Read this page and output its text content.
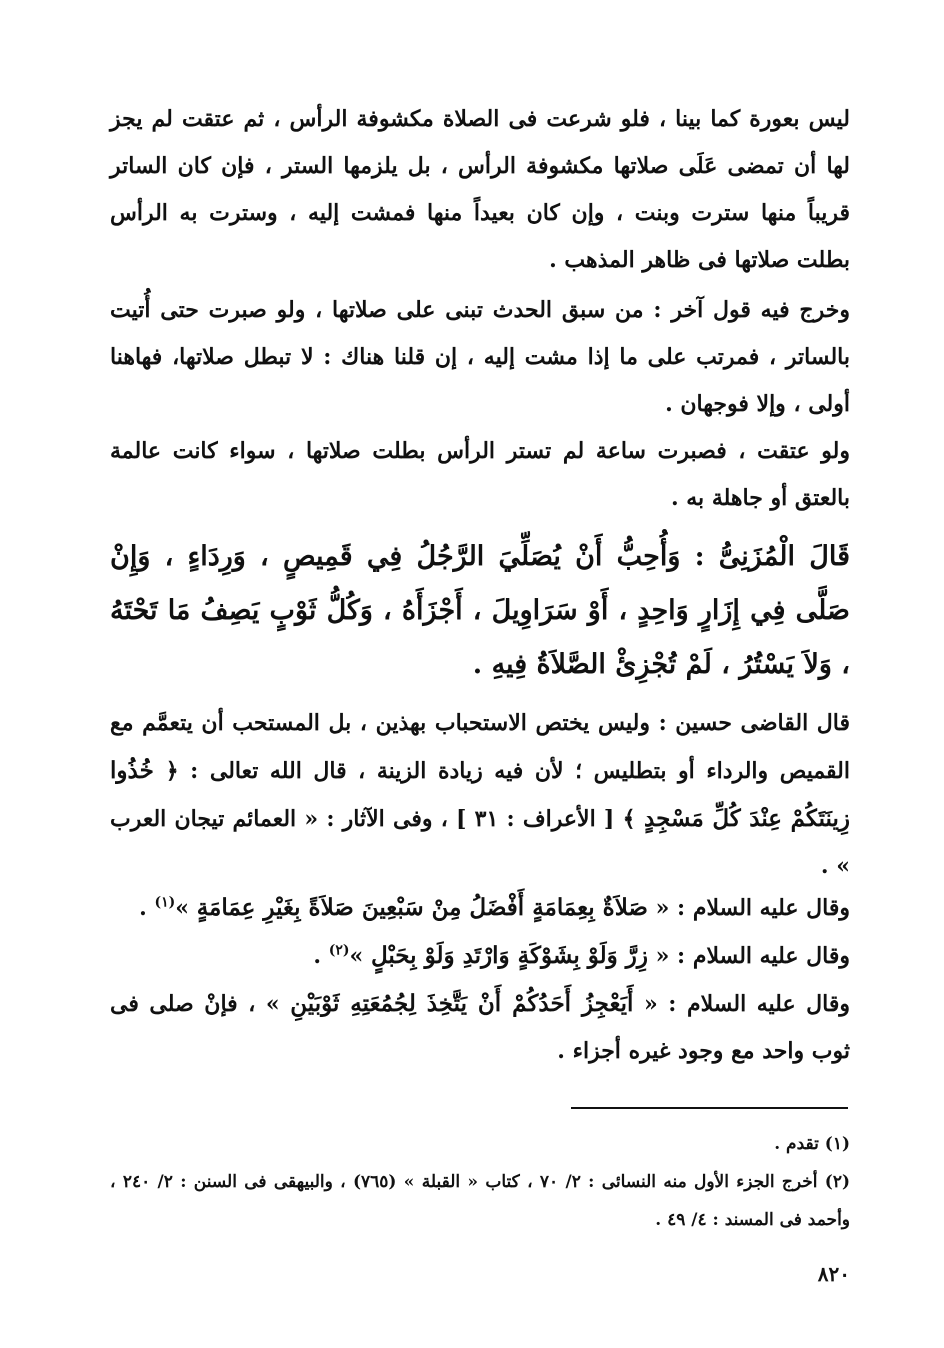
ليس بعورة كما بينا ، فلو شرعت فى الصلاة مكشوفة الرأس ، ثم عتقت لم يجز لها أن تمضى عَلَى صلاتها مكشوفة الرأس ، بل يلزمها الستر ، فإن كان الساتر قريباً منها سترت وبنت ، وإن كان بعيداً منها فمشت إليه ، وسترت به الرأس بطلت صلاتها فى ظاهر المذهب .

وخرج فيه قول آخر : من سبق الحدث تبنى على صلاتها ، ولو صبرت حتى أُتيت بالساتر ، فمرتب على ما إذا مشت إليه ، إن قلنا هناك : لا تبطل صلاتها، فهاهنا أولى ، وإلا فوجهان .

ولو عتقت ، فصبرت ساعة لم تستر الرأس بطلت صلاتها ، سواء كانت عالمة بالعتق أو جاهلة به .

قَالَ الْمُزَنِىُّ : وَأُحِبُّ أَنْ يُصَلِّيَ الرَّجُلُ فِي قَمِيصٍ ، وَرِدَاءٍ ، وَإِنْ صَلَّى فِي إِزَارٍ وَاحِدٍ ، أَوْ سَرَاوِيلَ ، أَجْزَأَهُ ، وَكُلُّ ثَوْبٍ يَصِفُ مَا تَحْتَهُ ، وَلاَ يَسْتُرُ ، لَمْ تُجْزِئْ الصَّلاَةُ فِيهِ .

قال القاضى حسين : وليس يختص الاستحباب بهذين ، بل المستحب أن يتعمَّم مع القميص والرداء أو بتطليس ؛ لأن فيه زيادة الزينة ، قال الله تعالى : ﴿ خُذُوا زِينَتَكُمْ عِنْدَ كُلِّ مَسْجِدٍ ﴾ [ الأعراف : ٣١ ] ، وفى الآثار : « العمائم تيجان العرب » .

وقال عليه السلام : « صَلاَةٌ بِعِمَامَةٍ أَفْضَلُ مِنْ سَبْعِينَ صَلاَةً بِغَيْرِ عِمَامَةٍ »$^{(١)}$ .

وقال عليه السلام : « زِرَّ وَلَوْ بِشَوْكَةٍ وَارْتَدِ وَلَوْ بِحَبْلٍ »$^{(٢)}$ .

وقال عليه السلام : « أَيَعْجِزُ أَحَدُكُمْ أَنْ يَتَّخِذَ لِجُمُعَتِهِ ثَوْبَيْنِ » ، فإنْ صلى فى ثوب واحد مع وجود غيره أجزاء .

(١) تقدم .

(٢) أخرج الجزء الأول منه النسائى : ٢/ ٧٠ ، كتاب « القبلة » (٧٦٥) ، والبيهقى فى السنن : ٢/ ٢٤٠ ، وأحمد فى المسند : ٤/ ٤٩ .

٨٢٠
